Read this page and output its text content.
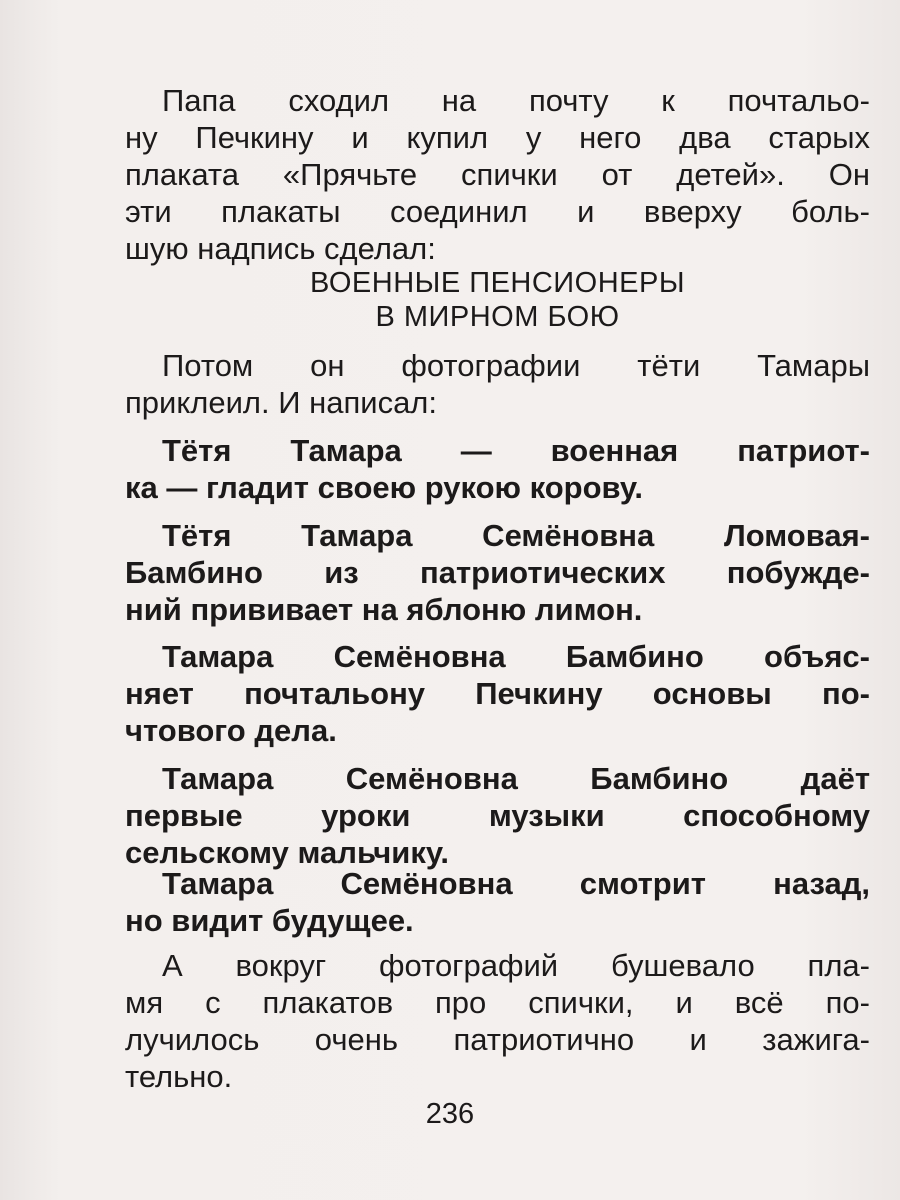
Папа сходил на почту к почтальо-
ну Печкину и купил у него два старых
плаката «Прячьте спички от детей». Он
эти плакаты соединил и вверху боль-
шую надпись сделал:
ВОЕННЫЕ ПЕНСИОНЕРЫ
В МИРНОМ БОЮ
Потом он фотографии тёти Тамары
приклеил. И написал:
Тётя Тамара — военная патриот-
ка — гладит своею рукою корову.
Тётя Тамара Семёновна Ломовая-
Бамбино из патриотических побужде-
ний прививает на яблоню лимон.
Тамара Семёновна Бамбино объяс-
няет почтальону Печкину основы по-
чтового дела.
Тамара Семёновна Бамбино даёт
первые уроки музыки способному
сельскому мальчику.
Тамара Семёновна смотрит назад,
но видит будущее.
А вокруг фотографий бушевало пла-
мя с плакатов про спички, и всё по-
лучилось очень патриотично и зажига-
тельно.
236
